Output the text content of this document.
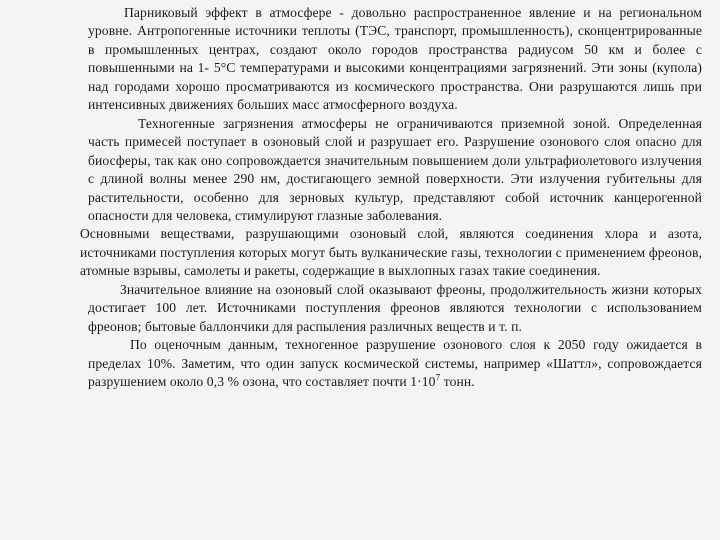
Парниковый эффект в атмосфере - довольно распространенное явление и на региональном уровне. Антропогенные источники теплоты (ТЭС, транспорт, промышленность), сконцентрированные в промышленных центрах, создают около городов пространства радиусом 50 км и более с повышенными на 1- 5°С температурами и высокими концентрациями загрязнений. Эти зоны (купола) над городами хорошо просматриваются из космического пространства. Они разрушаются лишь при интенсивных движениях больших масс атмосферного воздуха.

Техногенные загрязнения атмосферы не ограничиваются приземной зоной. Определенная часть примесей поступает в озоновый слой и разрушает его. Разрушение озонового слоя опасно для биосферы, так как оно сопровождается значительным повышением доли ультрафиолетового излучения с длиной волны менее 290 нм, достигающего земной поверхности. Эти излучения губительны для растительности, особенно для зерновых культур, представляют собой источник канцерогенной опасности для человека, стимулируют глазные заболевания.

Основными веществами, разрушающими озоновый слой, являются соединения хлора и азота, источниками поступления которых могут быть вулканические газы, технологии с применением фреонов, атомные взрывы, самолеты и ракеты, содержащие в выхлопных газах такие соединения.

Значительное влияние на озоновый слой оказывают фреоны, продолжительность жизни которых достигает 100 лет. Источниками поступления фреонов являются технологии с использованием фреонов; бытовые баллончики для распыления различных веществ и т. п.

По оценочным данным, техногенное разрушение озонового слоя к 2050 году ожидается в пределах 10%. Заметим, что один запуск космической системы, например «Шаттл», сопровождается разрушением около 0,3 % озона, что составляет почти $1\cdot 10^7$ тонн.
